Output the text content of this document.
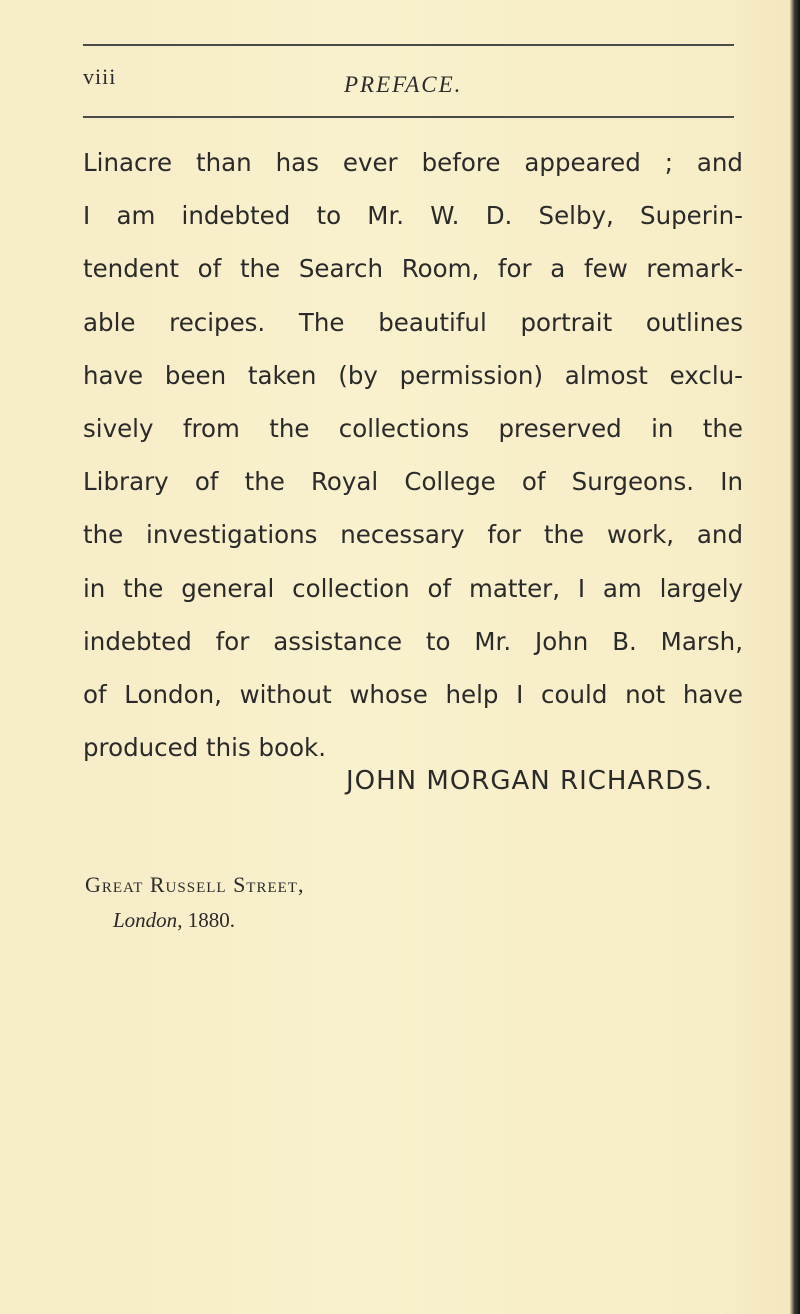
viii	PREFACE.
Linacre than has ever before appeared ; and
I am indebted to Mr. W. D. Selby, Superin-
tendent of the Search Room, for a few remark-
able recipes. The beautiful portrait outlines
have been taken (by permission) almost exclu-
sively from the collections preserved in the
Library of the Royal College of Surgeons. In
the investigations necessary for the work, and
in the general collection of matter, I am largely
indebted for assistance to Mr. John B. Marsh,
of London, without whose help I could not have
produced this book.
JOHN MORGAN RICHARDS.
Great Russell Street,
London, 1880.
